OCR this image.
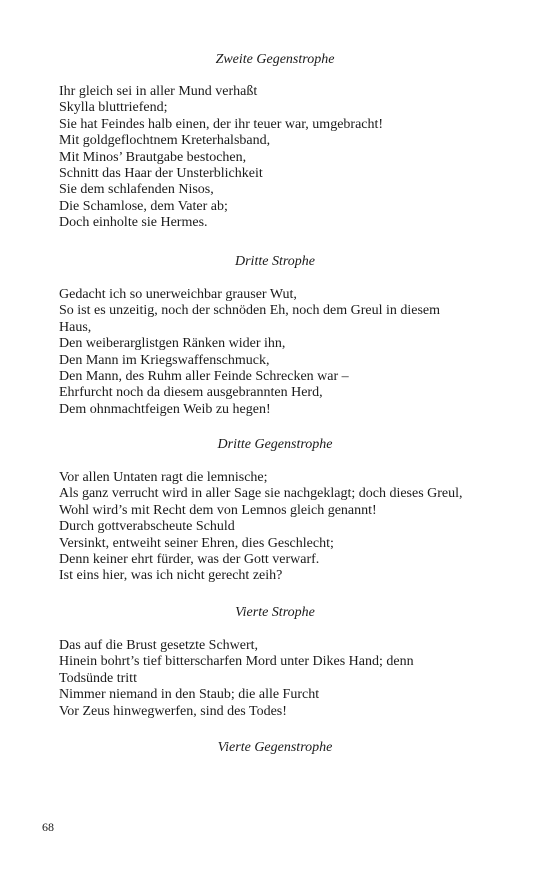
Zweite Gegenstrophe
Ihr gleich sei in aller Mund verhaßt
Skylla bluttriefend;
Sie hat Feindes halb einen, der ihr teuer war, umgebracht!
Mit goldgeflochtnem Kreterhalsband,
Mit Minos’ Brautgabe bestochen,
Schnitt das Haar der Unsterblichkeit
Sie dem schlafenden Nisos,
Die Schamlose, dem Vater ab;
Doch einholte sie Hermes.
Dritte Strophe
Gedacht ich so unerweichbar grauser Wut,
So ist es unzeitig, noch der schnöden Eh, noch dem Greul in diesem
Haus,
Den weiberarglistgen Ränken wider ihn,
Den Mann im Kriegswaffenschmuck,
Den Mann, des Ruhm aller Feinde Schrecken war –
Ehrfurcht noch da diesem ausgebrannten Herd,
Dem ohnmachtfeigen Weib zu hegen!
Dritte Gegenstrophe
Vor allen Untaten ragt die lemnische;
Als ganz verrucht wird in aller Sage sie nachgeklagt; doch dieses Greul,
Wohl wird’s mit Recht dem von Lemnos gleich genannt!
Durch gottverabscheute Schuld
Versinkt, entweiht seiner Ehren, dies Geschlecht;
Denn keiner ehrt fürder, was der Gott verwarf.
Ist eins hier, was ich nicht gerecht zeih?
Vierte Strophe
Das auf die Brust gesetzte Schwert,
Hinein bohrt’s tief bitterscharfen Mord unter Dikes Hand; denn
Todsünde tritt
Nimmer niemand in den Staub; die alle Furcht
Vor Zeus hinwegwerfen, sind des Todes!
Vierte Gegenstrophe
68
